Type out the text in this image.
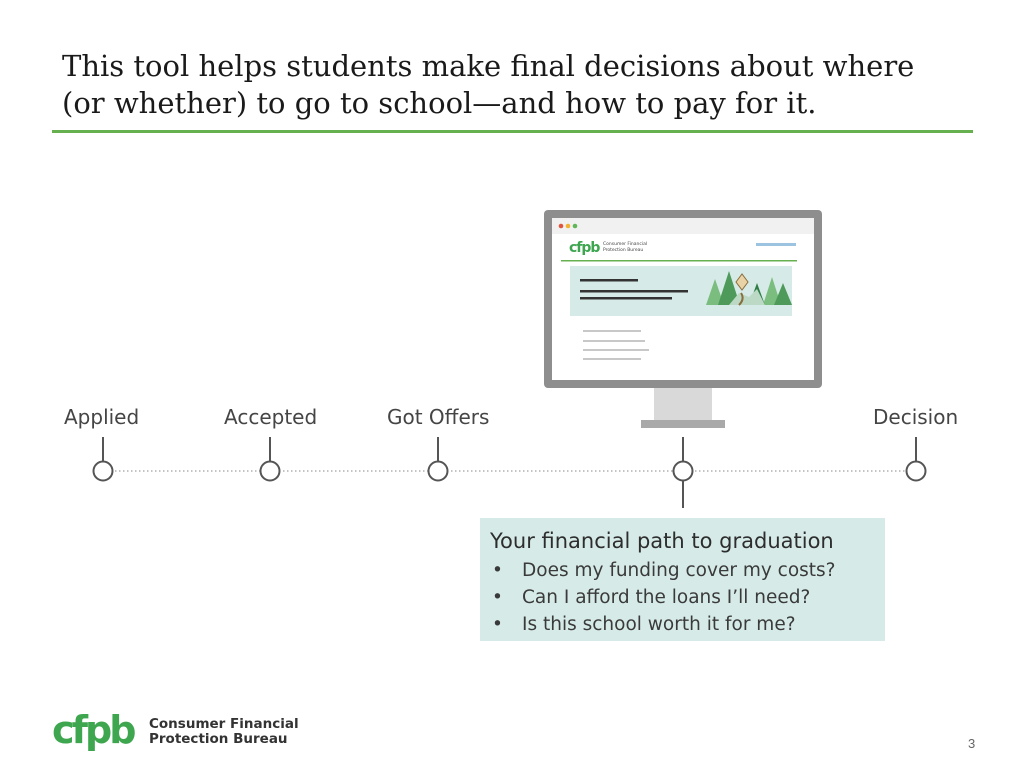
This tool helps students make final decisions about where
(or whether) to go to school—and how to pay for it.
cfpb Consumer Financial
Protection Bureau
Applied	Accepted	Got Offers	Decision
Your financial path to graduation
• Does my funding cover my costs?
• Can I afford the loans I’ll need?
• Is this school worth it for me?
cfpb Consumer Financial
Protection Bureau	3
